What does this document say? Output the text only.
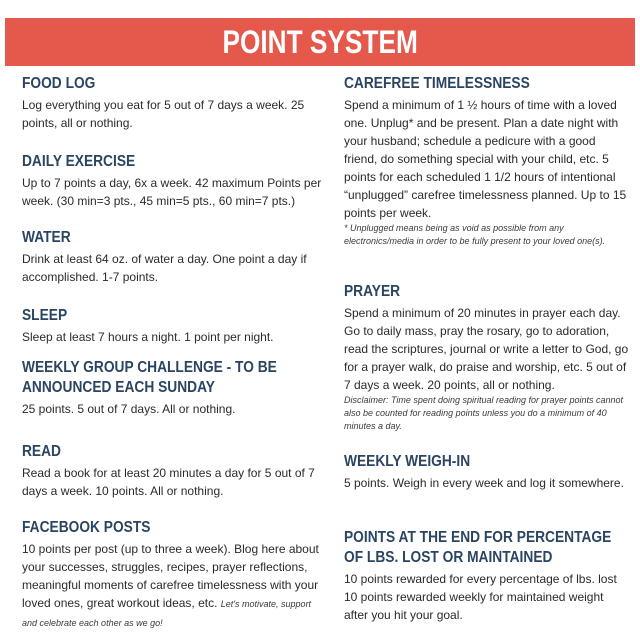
POINT SYSTEM
FOOD LOG
Log everything you eat for 5 out of 7 days a week. 25 points, all or nothing.
DAILY EXERCISE
Up to 7 points a day, 6x a week. 42 maximum Points per week. (30 min=3 pts., 45 min=5 pts., 60 min=7 pts.)
WATER
Drink at least 64 oz. of water a day. One point a day if accomplished. 1-7 points.
SLEEP
Sleep at least 7 hours a night. 1 point per night.
WEEKLY GROUP CHALLENGE - TO BE ANNOUNCED EACH SUNDAY
25 points. 5 out of 7 days. All or nothing.
READ
Read a book for at least 20 minutes a day for 5 out of 7 days a week. 10 points. All or nothing.
FACEBOOK POSTS
10 points per post (up to three a week). Blog here about your successes, struggles, recipes, prayer reflections, meaningful moments of carefree timelessness with your loved ones, great workout ideas, etc. Let's motivate, support and celebrate each other as we go!
CAREFREE TIMELESSNESS
Spend a minimum of 1 ½ hours of time with a loved one. Unplug* and be present. Plan a date night with your husband; schedule a pedicure with a good friend, do something special with your child, etc. 5 points for each scheduled 1 1/2 hours of intentional “unplugged” carefree timelessness planned. Up to 15 points per week.
* Unplugged means being as void as possible from any electronics/media in order to be fully present to your loved one(s).
PRAYER
Spend a minimum of 20 minutes in prayer each day. Go to daily mass, pray the rosary, go to adoration, read the scriptures, journal or write a letter to God, go for a prayer walk, do praise and worship, etc. 5 out of 7 days a week. 20 points, all or nothing.
Disclaimer: Time spent doing spiritual reading for prayer points cannot also be counted for reading points unless you do a minimum of 40 minutes a day.
WEEKLY WEIGH-IN
5 points. Weigh in every week and log it somewhere.
POINTS AT THE END FOR PERCENTAGE OF LBS. LOST OR MAINTAINED
10 points rewarded for every percentage of lbs. lost 10 points rewarded weekly for maintained weight after you hit your goal.
